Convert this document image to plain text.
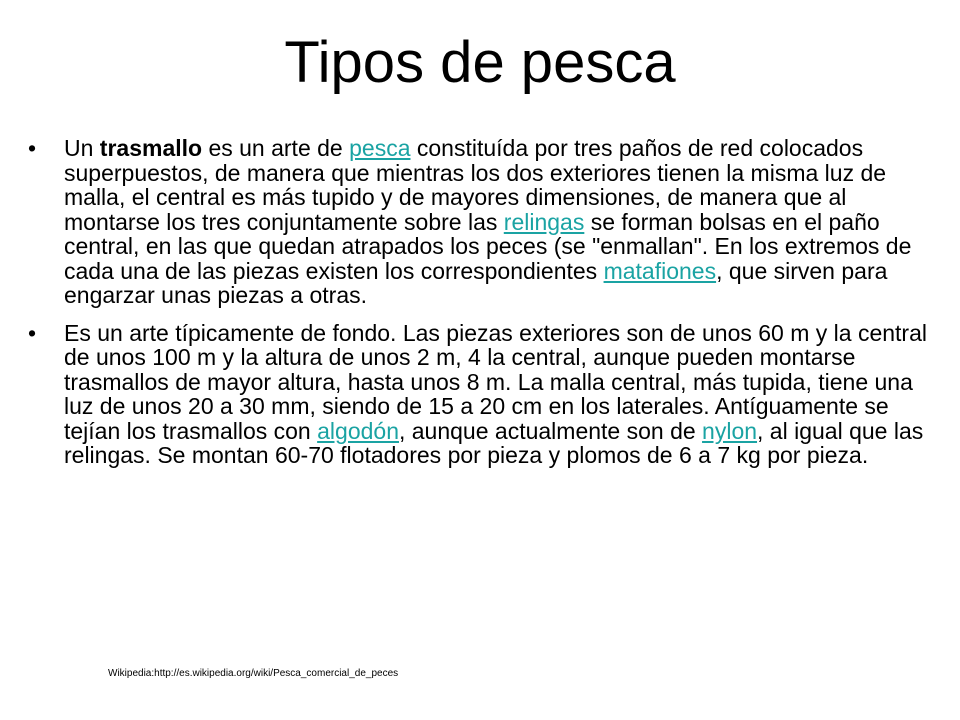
Tipos de pesca

• Un trasmallo es un arte de pesca constituída por tres paños de red colocados superpuestos, de manera que mientras los dos exteriores tienen la misma luz de malla, el central es más tupido y de mayores dimensiones, de manera que al montarse los tres conjuntamente sobre las relingas se forman bolsas en el paño central, en las que quedan atrapados los peces (se "enmallan". En los extremos de cada una de las piezas existen los correspondientes matafiones, que sirven para engarzar unas piezas a otras.

• Es un arte típicamente de fondo. Las piezas exteriores son de unos 60 m y la central de unos 100 m y la altura de unos 2 m, 4 la central, aunque pueden montarse trasmallos de mayor altura, hasta unos 8 m. La malla central, más tupida, tiene una luz de unos 20 a 30 mm, siendo de 15 a 20 cm en los laterales. Antíguamente se tejían los trasmallos con algodón, aunque actualmente son de nylon, al igual que las relingas. Se montan 60-70 flotadores por pieza y plomos de 6 a 7 kg por pieza.

Wikipedia:http://es.wikipedia.org/wiki/Pesca_comercial_de_peces
